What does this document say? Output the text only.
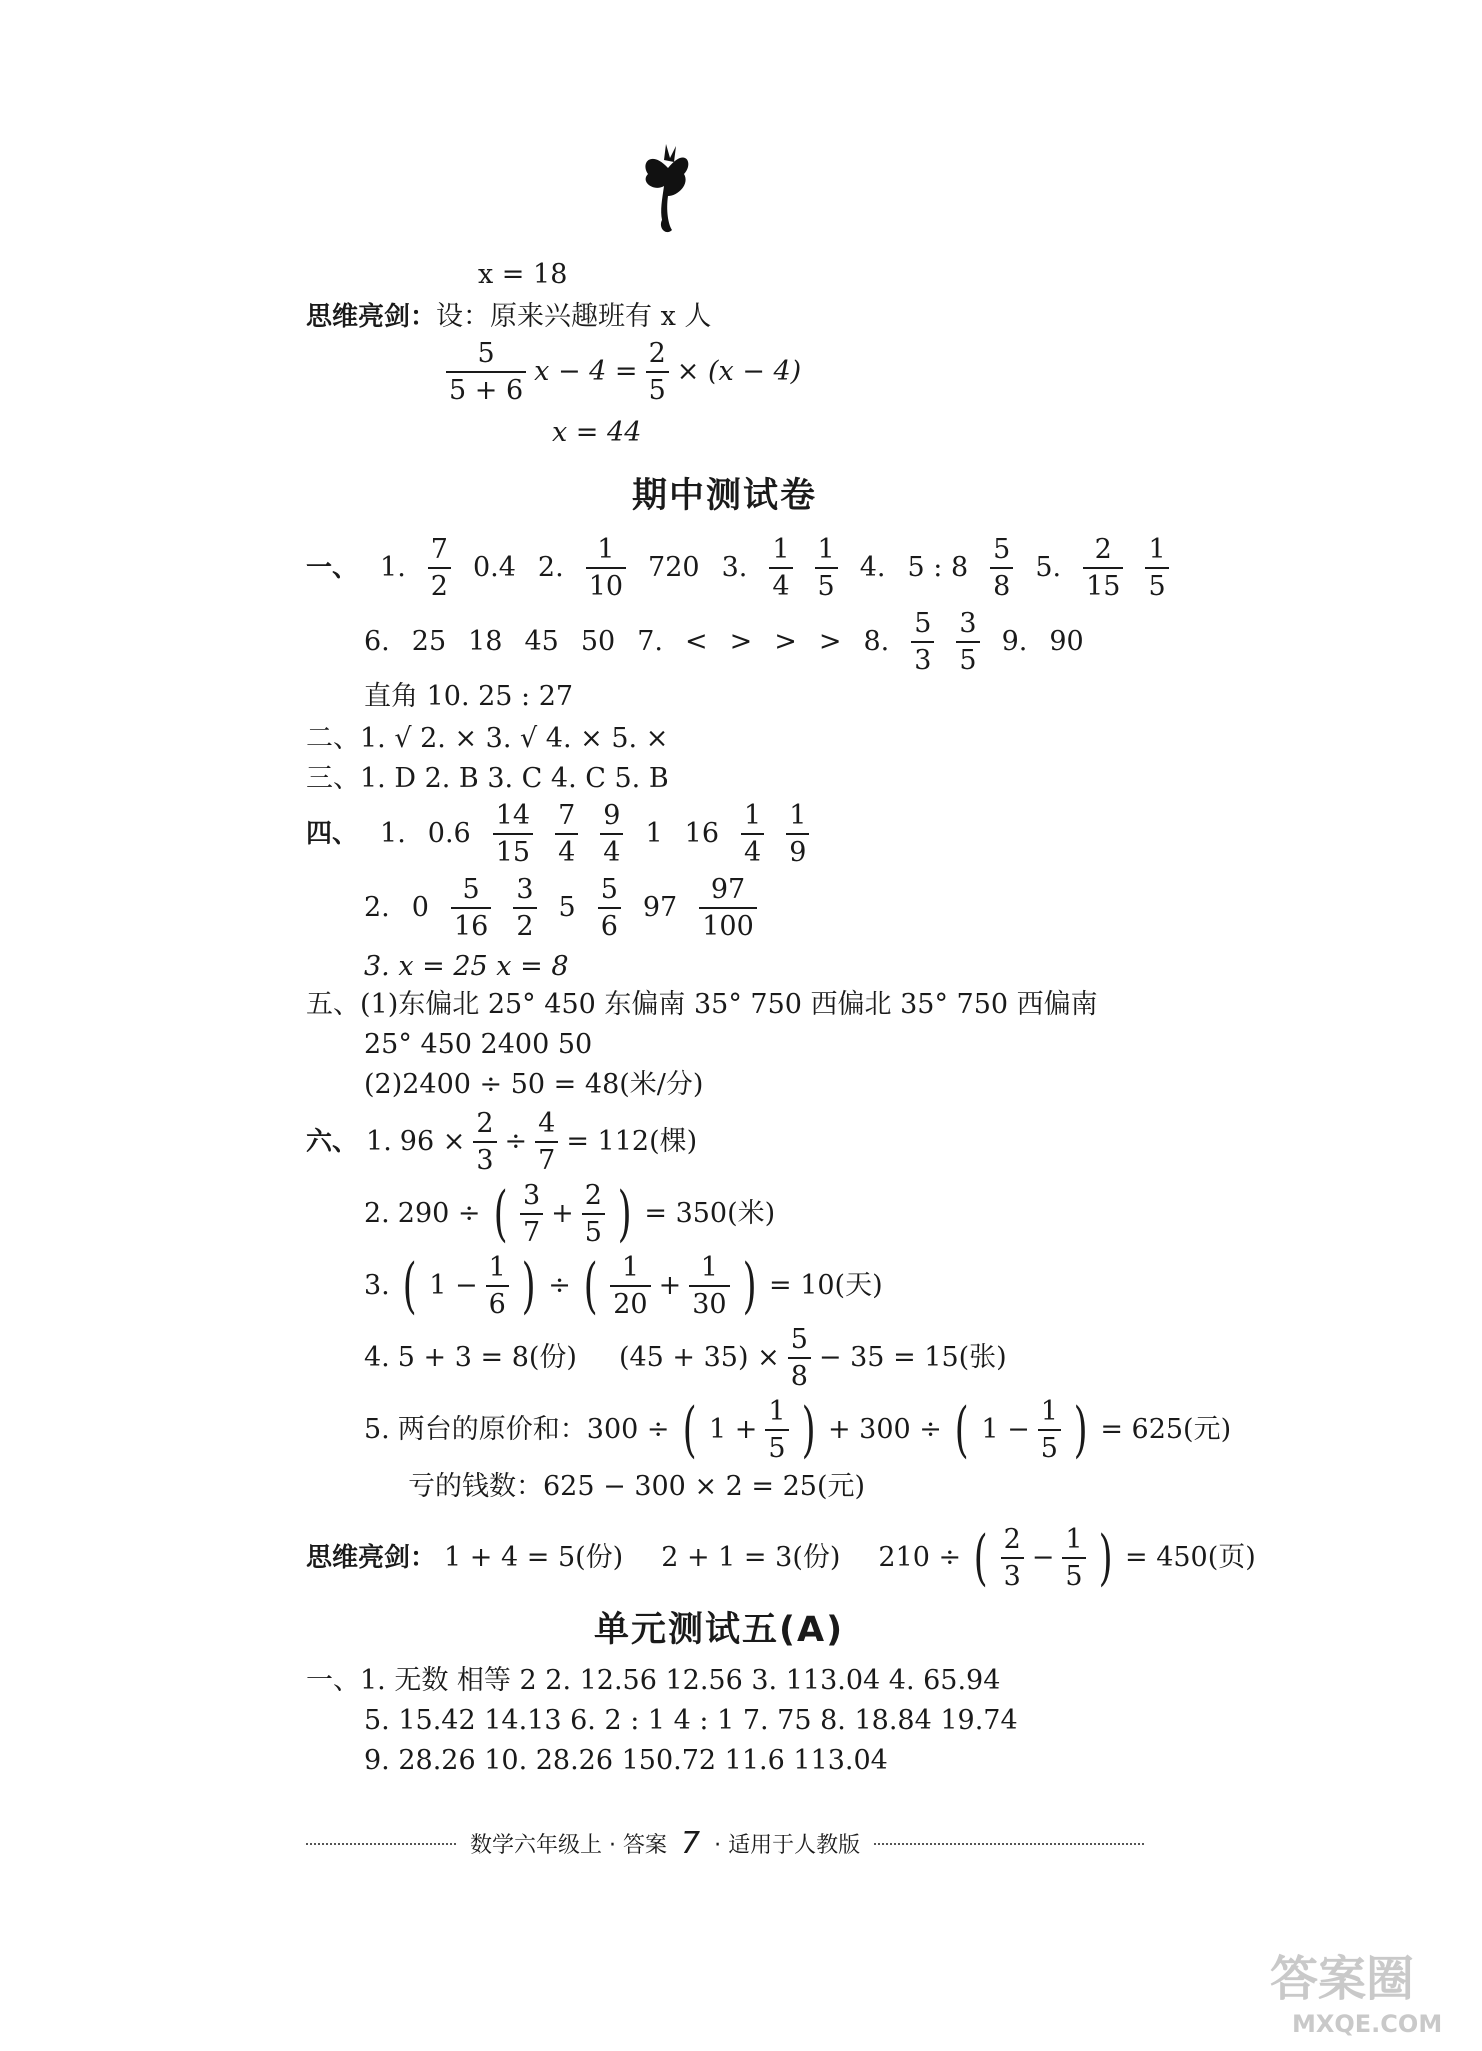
x = 18
思维亮剑：设：原来兴趣班有 x 人
$\frac{5}{5 + 6}$ $x - 4 = \frac{2}{5} \times (x - 4)$
x = 44
期中测试卷
一、 1. $\frac{7}{2} 0.4$ 2. $\frac{1}{10} 720$ 3. $\frac{1}{4} \frac{1}{5} 4$. 5 : $8 \frac{5}{8} 5$. $\frac{2}{15} \frac{1}{5}$
6. 25 18 45 50 7. < > > > 8. $\frac{5}{3} \frac{3}{5} 9$. 90
直角 10. 25 : 27
二、1. √ 2. × 3. √ 4. × 5. ×
三、1. D 2. B 3. C 4. C 5. B
四、 1. $0.6 \frac{14}{15} \frac{7}{4} \frac{9}{4} 1$ $16 \frac{1}{4} \frac{1}{9}$
2. $0 \frac{5}{16} \frac{3}{2} 5 \frac{5}{6} 97 \frac{97}{100}$
3. x = 25 x = 8
五、(1)东偏北 25° 450 东偏南 35° 750 西偏北 35° 750 西偏南
25° 450 2400 50
(2)2400 ÷ 50 = 48(米/分)
六、 1. $96 \times \frac{2}{3} \div \frac{4}{7} = 112$(棵)
2. 290 ÷ ( $\frac{3}{7} + \frac{2}{5}$ ) = 350(米)
3. ( $1 - \frac{1}{6}$ ) ÷ ( $\frac{1}{20} + \frac{1}{30}$ ) = 10(天)
4. 5 + 3 = 8(份) $(45 + 35) \times \frac{5}{8} - 35 = 15$(张)
5. 两台的原价和：300 ÷ ( $1 + \frac{1}{5}$ ) + 300 ÷ ( $1 - \frac{1}{5}$ ) = 625(元)
亏的钱数：625 − 300 × 2 = 25(元)
思维亮剑： 1 + 4 = 5(份) 2 + 1 = 3(份) 210 ÷ ( $\frac{2}{3} - \frac{1}{5}$ ) = 450(页)
单元测试五(A)
一、1. 无数 相等 2 2. 12.56 12.56 3. 113.04 4. 65.94
5. 15.42 14.13 6. 2 : 1 4 : 1 7. 75 8. 18.84 19.74
9. 28.26 10. 28.26 150.72 11.6 113.04
数学六年级上 · 答案 7 · 适用于人教版
答案圈
MXQE.COM
